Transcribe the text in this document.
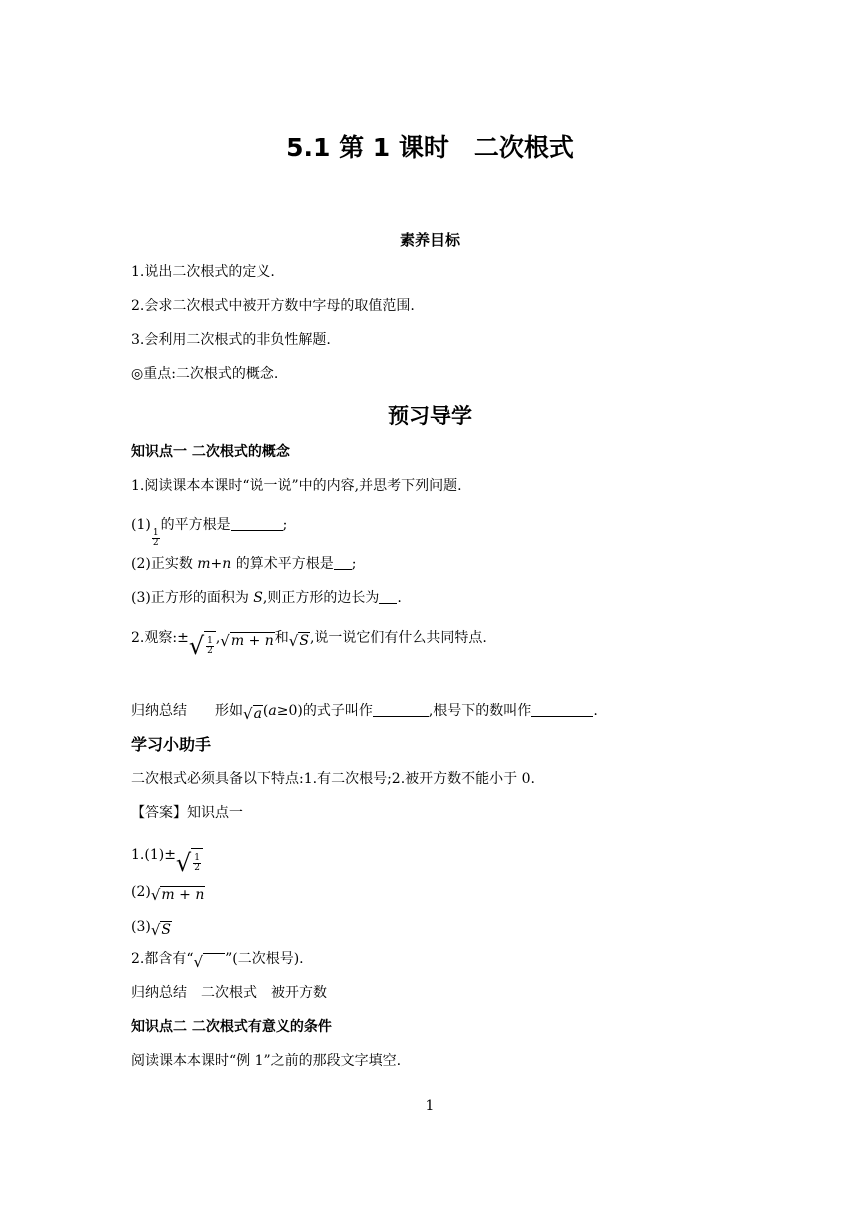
5.1 第 1 课时　二次根式
素养目标
1.说出二次根式的定义.
2.会求二次根式中被开方数中字母的取值范围.
3.会利用二次根式的非负性解题.
◎重点:二次根式的概念.
预习导学
知识点一 二次根式的概念
1.阅读课本本课时“说一说”中的内容,并思考下列问题.
(1)
$\frac{1}{2}$
的平方根是	;
(2)正实数 m+n 的算术平方根是 ;
(3)正方形的面积为 S,则正方形的边长为 .
2.观察:± √ $\frac{1}{2}$ , √ m + n 和 √ S ,说一说它们有什么共同特点.
归纳总结　　形如 √ a (a≥0)的式子叫作	,根号下的数叫作	.
学习小助手
二次根式必须具备以下特点:1.有二次根号;2.被开方数不能小于 0.
【答案】知识点一
1.(1)± √ $\frac{1}{2}$
(2) √ m + n
(3) √ S
2.都含有“ √ ”(二次根号).
归纳总结　二次根式　被开方数
知识点二 二次根式有意义的条件
阅读课本本课时“例 1”之前的那段文字填空.
1
